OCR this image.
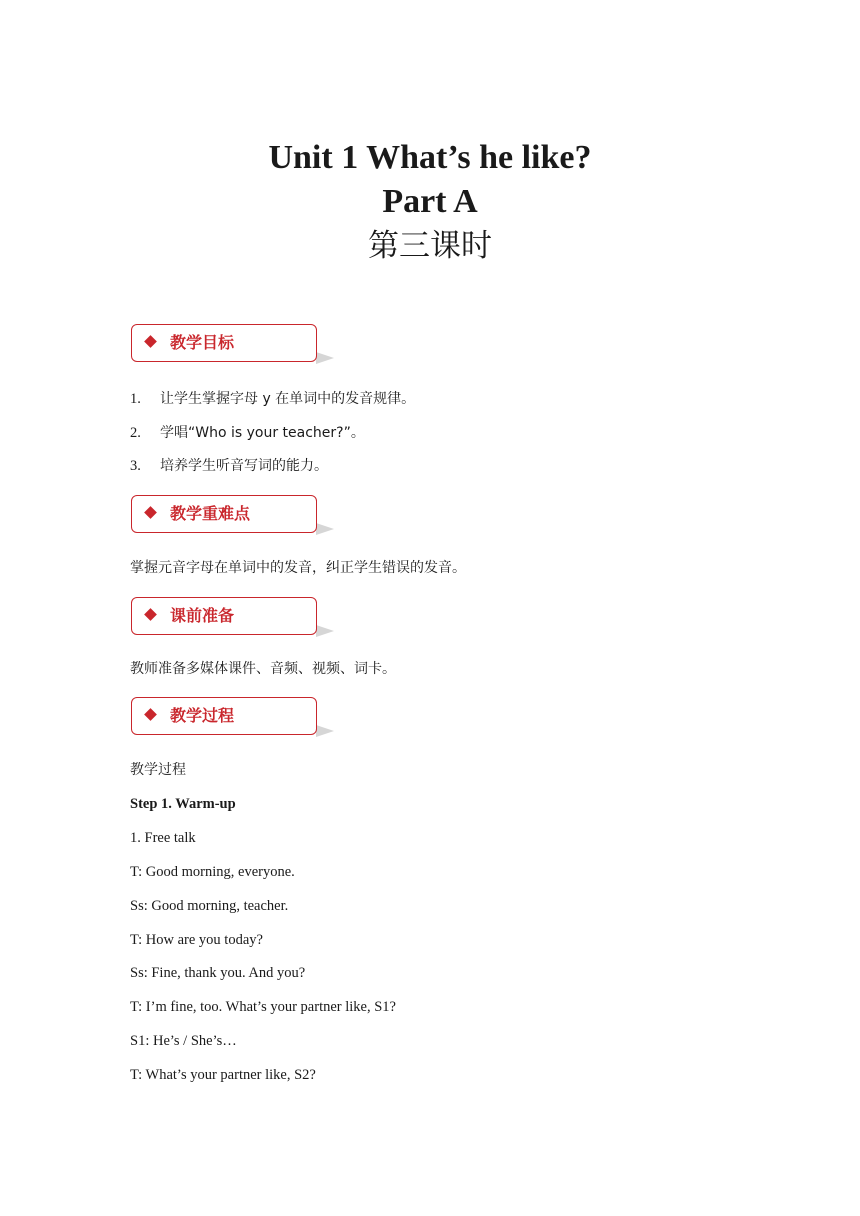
Unit 1 What’s he like?
Part A
第三课时
教学目标
1. 让学生掌握字母 y 在单词中的发音规律。
2. 学唱“Who is your teacher?”。
3. 培养学生听音写词的能力。
教学重难点
掌握元音字母在单词中的发音，纠正学生错误的发音。
课前准备
教师准备多媒体课件、音频、视频、词卡。
教学过程
教学过程
Step 1. Warm-up
1. Free talk
T: Good morning, everyone.
Ss: Good morning, teacher.
T: How are you today?
Ss: Fine, thank you. And you?
T: I’m fine, too. What’s your partner like, S1?
S1: He’s / She’s…
T: What’s your partner like, S2?
